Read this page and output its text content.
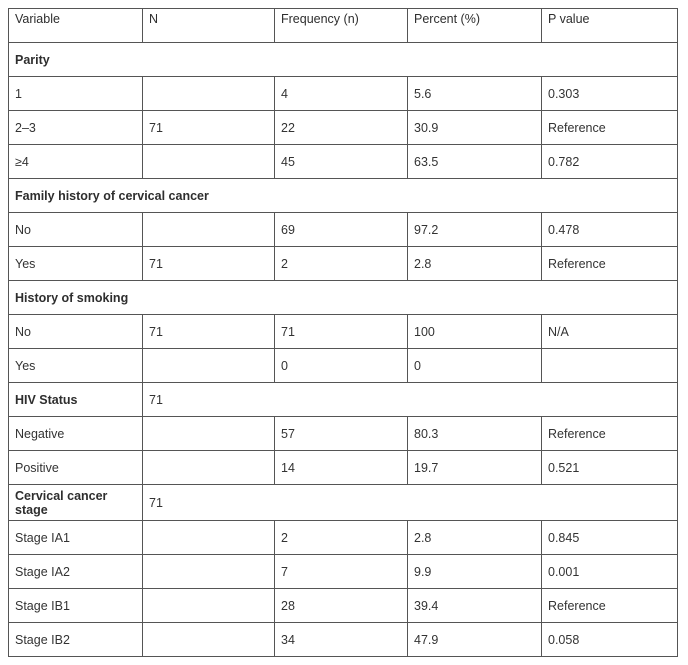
Variable	N	Frequency (n)	Percent (%)	P value
Parity				
1		4	5.6	0.303
2–3	71	22	30.9	Reference
≥4		45	63.5	0.782
Family history of cervical cancer				
No		69	97.2	0.478
Yes	71	2	2.8	Reference
History of smoking				
No	71	71	100	N/A
Yes		0	0	
HIV Status	71			
Negative		57	80.3	Reference
Positive		14	19.7	0.521
Cervical cancer stage	71			
Stage IA1		2	2.8	0.845
Stage IA2		7	9.9	0.001
Stage IB1		28	39.4	Reference
Stage IB2		34	47.9	0.058
